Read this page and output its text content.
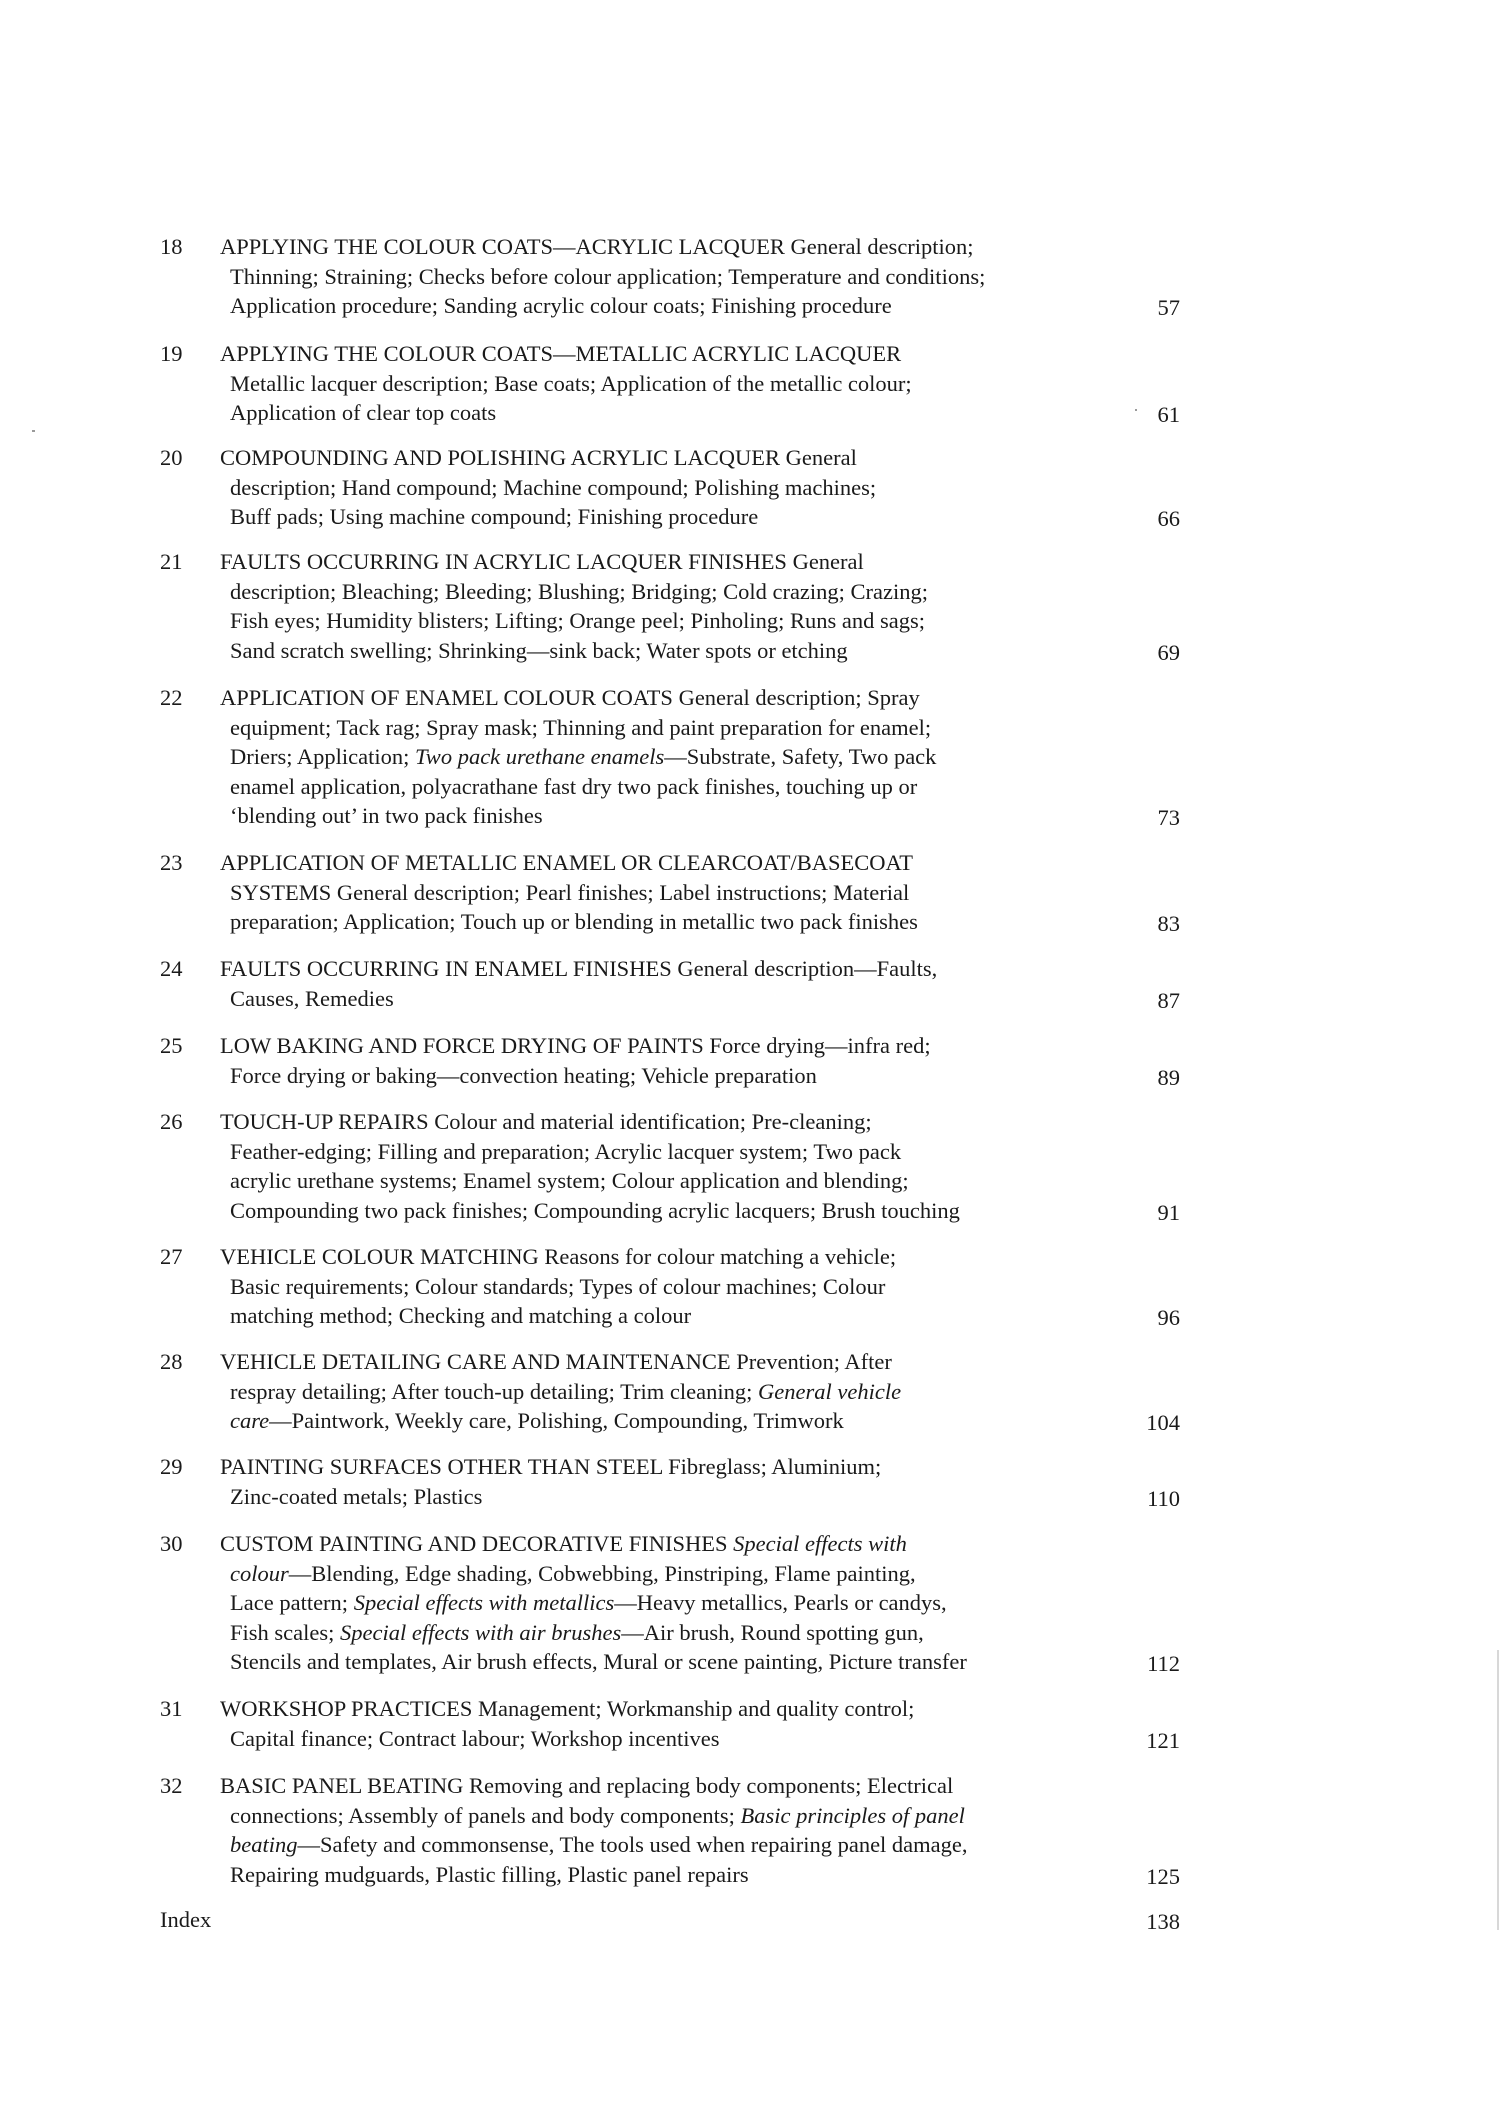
18	APPLYING THE COLOUR COATS—ACRYLIC LACQUER General description;
Thinning; Straining; Checks before colour application; Temperature and conditions;
Application procedure; Sanding acrylic colour coats; Finishing procedure	57
19	APPLYING THE COLOUR COATS—METALLIC ACRYLIC LACQUER
Metallic lacquer description; Base coats; Application of the metallic colour;
Application of clear top coats	61
20	COMPOUNDING AND POLISHING ACRYLIC LACQUER General
description; Hand compound; Machine compound; Polishing machines;
Buff pads; Using machine compound; Finishing procedure	66
21	FAULTS OCCURRING IN ACRYLIC LACQUER FINISHES General
description; Bleaching; Bleeding; Blushing; Bridging; Cold crazing; Crazing;
Fish eyes; Humidity blisters; Lifting; Orange peel; Pinholing; Runs and sags;
Sand scratch swelling; Shrinking—sink back; Water spots or etching	69
22	APPLICATION OF ENAMEL COLOUR COATS General description; Spray
equipment; Tack rag; Spray mask; Thinning and paint preparation for enamel;
Driers; Application; Two pack urethane enamels—Substrate, Safety, Two pack
enamel application, polyacrathane fast dry two pack finishes, touching up or
‘blending out’ in two pack finishes	73
23	APPLICATION OF METALLIC ENAMEL OR CLEARCOAT/BASECOAT
SYSTEMS General description; Pearl finishes; Label instructions; Material
preparation; Application; Touch up or blending in metallic two pack finishes	83
24	FAULTS OCCURRING IN ENAMEL FINISHES General description—Faults,
Causes, Remedies	87
25	LOW BAKING AND FORCE DRYING OF PAINTS Force drying—infra red;
Force drying or baking—convection heating; Vehicle preparation	89
26	TOUCH-UP REPAIRS Colour and material identification; Pre-cleaning;
Feather-edging; Filling and preparation; Acrylic lacquer system; Two pack
acrylic urethane systems; Enamel system; Colour application and blending;
Compounding two pack finishes; Compounding acrylic lacquers; Brush touching	91
27	VEHICLE COLOUR MATCHING Reasons for colour matching a vehicle;
Basic requirements; Colour standards; Types of colour machines; Colour
matching method; Checking and matching a colour	96
28	VEHICLE DETAILING CARE AND MAINTENANCE Prevention; After
respray detailing; After touch-up detailing; Trim cleaning; General vehicle
care—Paintwork, Weekly care, Polishing, Compounding, Trimwork	104
29	PAINTING SURFACES OTHER THAN STEEL Fibreglass; Aluminium;
Zinc-coated metals; Plastics	110
30	CUSTOM PAINTING AND DECORATIVE FINISHES Special effects with
colour—Blending, Edge shading, Cobwebbing, Pinstriping, Flame painting,
Lace pattern; Special effects with metallics—Heavy metallics, Pearls or candys,
Fish scales; Special effects with air brushes—Air brush, Round spotting gun,
Stencils and templates, Air brush effects, Mural or scene painting, Picture transfer	112
31	WORKSHOP PRACTICES Management; Workmanship and quality control;
Capital finance; Contract labour; Workshop incentives	121
32	BASIC PANEL BEATING Removing and replacing body components; Electrical
connections; Assembly of panels and body components; Basic principles of panel
beating—Safety and commonsense, The tools used when repairing panel damage,
Repairing mudguards, Plastic filling, Plastic panel repairs	125
Index	138
